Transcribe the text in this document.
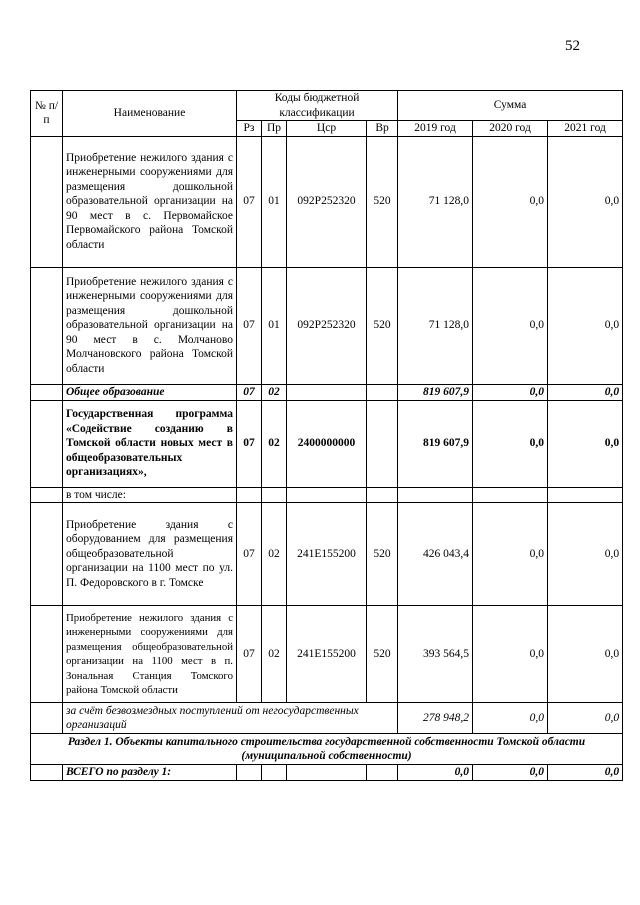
52
№ п/п	Наименование	Коды бюджетной классификации				Сумма		
		Рз	Пр	Цср	Вр	2019 год	2020 год	2021 год
	Приобретение нежилого здания с инженерными сооружениями для размещения дошкольной образовательной организации на 90 мест в с. Первомайское Первомайского района Томской области	07	01	092P252320	520	71 128,0	0,0	0,0
	Приобретение нежилого здания с инженерными сооружениями для размещения дошкольной образовательной организации на 90 мест в с. Молчаново Молчановского района Томской области	07	01	092P252320	520	71 128,0	0,0	0,0
	Общее образование	07	02			819 607,9	0,0	0,0
	Государственная программа «Содействие созданию в Томской области новых мест в общеобразовательных организациях»,	07	02	2400000000		819 607,9	0,0	0,0
	в том числе:							
	Приобретение здания с оборудованием для размещения общеобразовательной организации на 1100 мест по ул. П. Федоровского в г. Томске	07	02	241E155200	520	426 043,4	0,0	0,0
	Приобретение нежилого здания с инженерными сооружениями для размещения общеобразовательной организации на 1100 мест в п. Зональная Станция Томского района Томской области	07	02	241E155200	520	393 564,5	0,0	0,0
	за счёт безвозмездных поступлений от негосударственных организаций					278 948,2	0,0	0,0
Раздел 1. Объекты капитального строительства государственной собственности Томской области (муниципальной собственности)								
	ВСЕГО по разделу 1:					0,0	0,0	0,0
